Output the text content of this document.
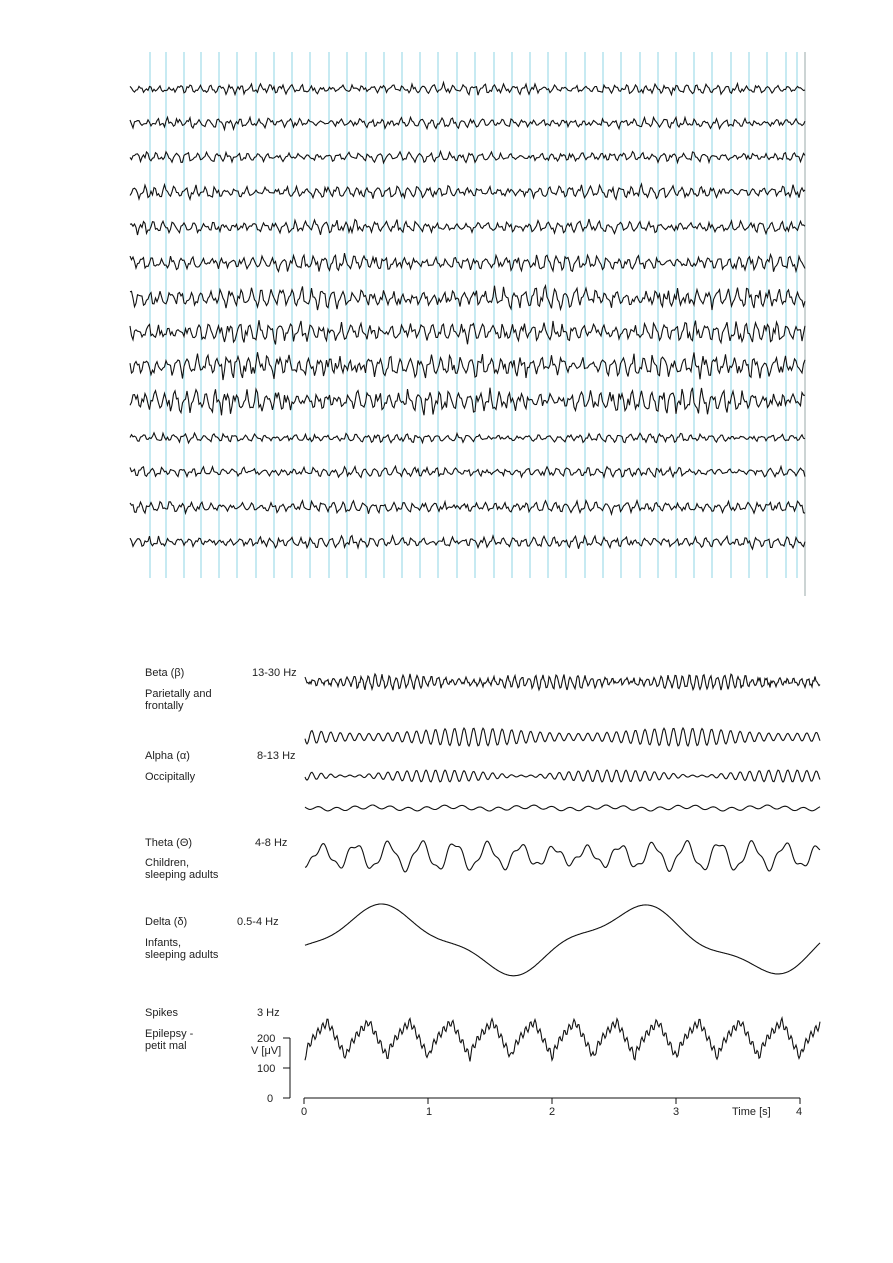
Beta (β)	13-30 Hz
Parietally and
frontally
Alpha (α)	8-13 Hz
Occipitally
Theta (Θ)	4-8 Hz
Children,
sleeping adults
Delta (δ)	0.5-4 Hz
Infants,
sleeping adults
Spikes	3 Hz
Epilepsy -
petit mal
200
100
0
V [μV]
0	1	2	3	Time [s] 4
